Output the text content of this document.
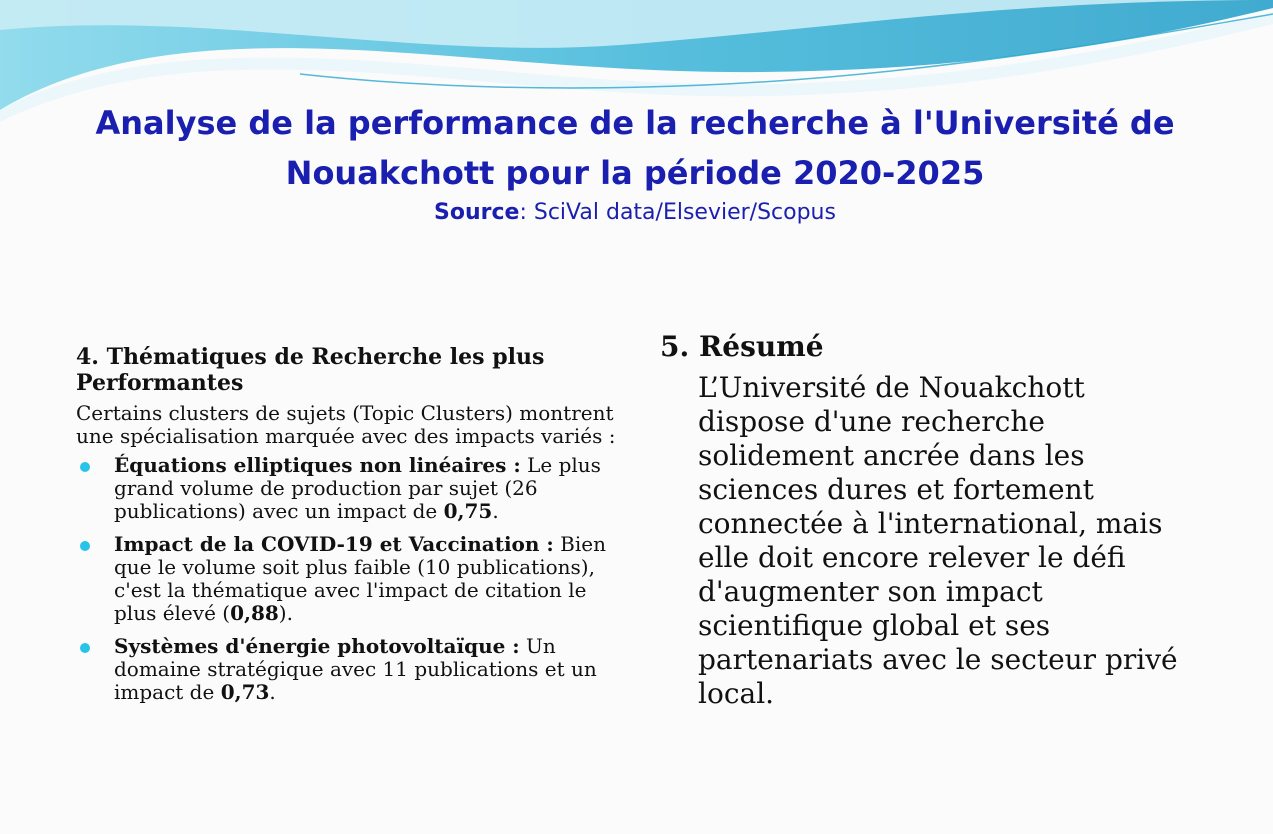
Analyse de la performance de la recherche à l'Université de Nouakchott pour la période 2020-2025
Source: SciVal data/Elsevier/Scopus
4. Thématiques de Recherche les plus Performantes

Certains clusters de sujets (Topic Clusters) montrent une spécialisation marquée avec des impacts variés :

Équations elliptiques non linéaires : Le plus grand volume de production par sujet (26 publications) avec un impact de 0,75.
Impact de la COVID-19 et Vaccination : Bien que le volume soit plus faible (10 publications), c'est la thématique avec l'impact de citation le plus élevé (0,88).
Systèmes d'énergie photovoltaïque : Un domaine stratégique avec 11 publications et un impact de 0,73.
5. Résumé
L’Université de Nouakchott dispose d'une recherche solidement ancrée dans les sciences dures et fortement connectée à l'international, mais elle doit encore relever le défi d'augmenter son impact scientifique global et ses partenariats avec le secteur privé local.
